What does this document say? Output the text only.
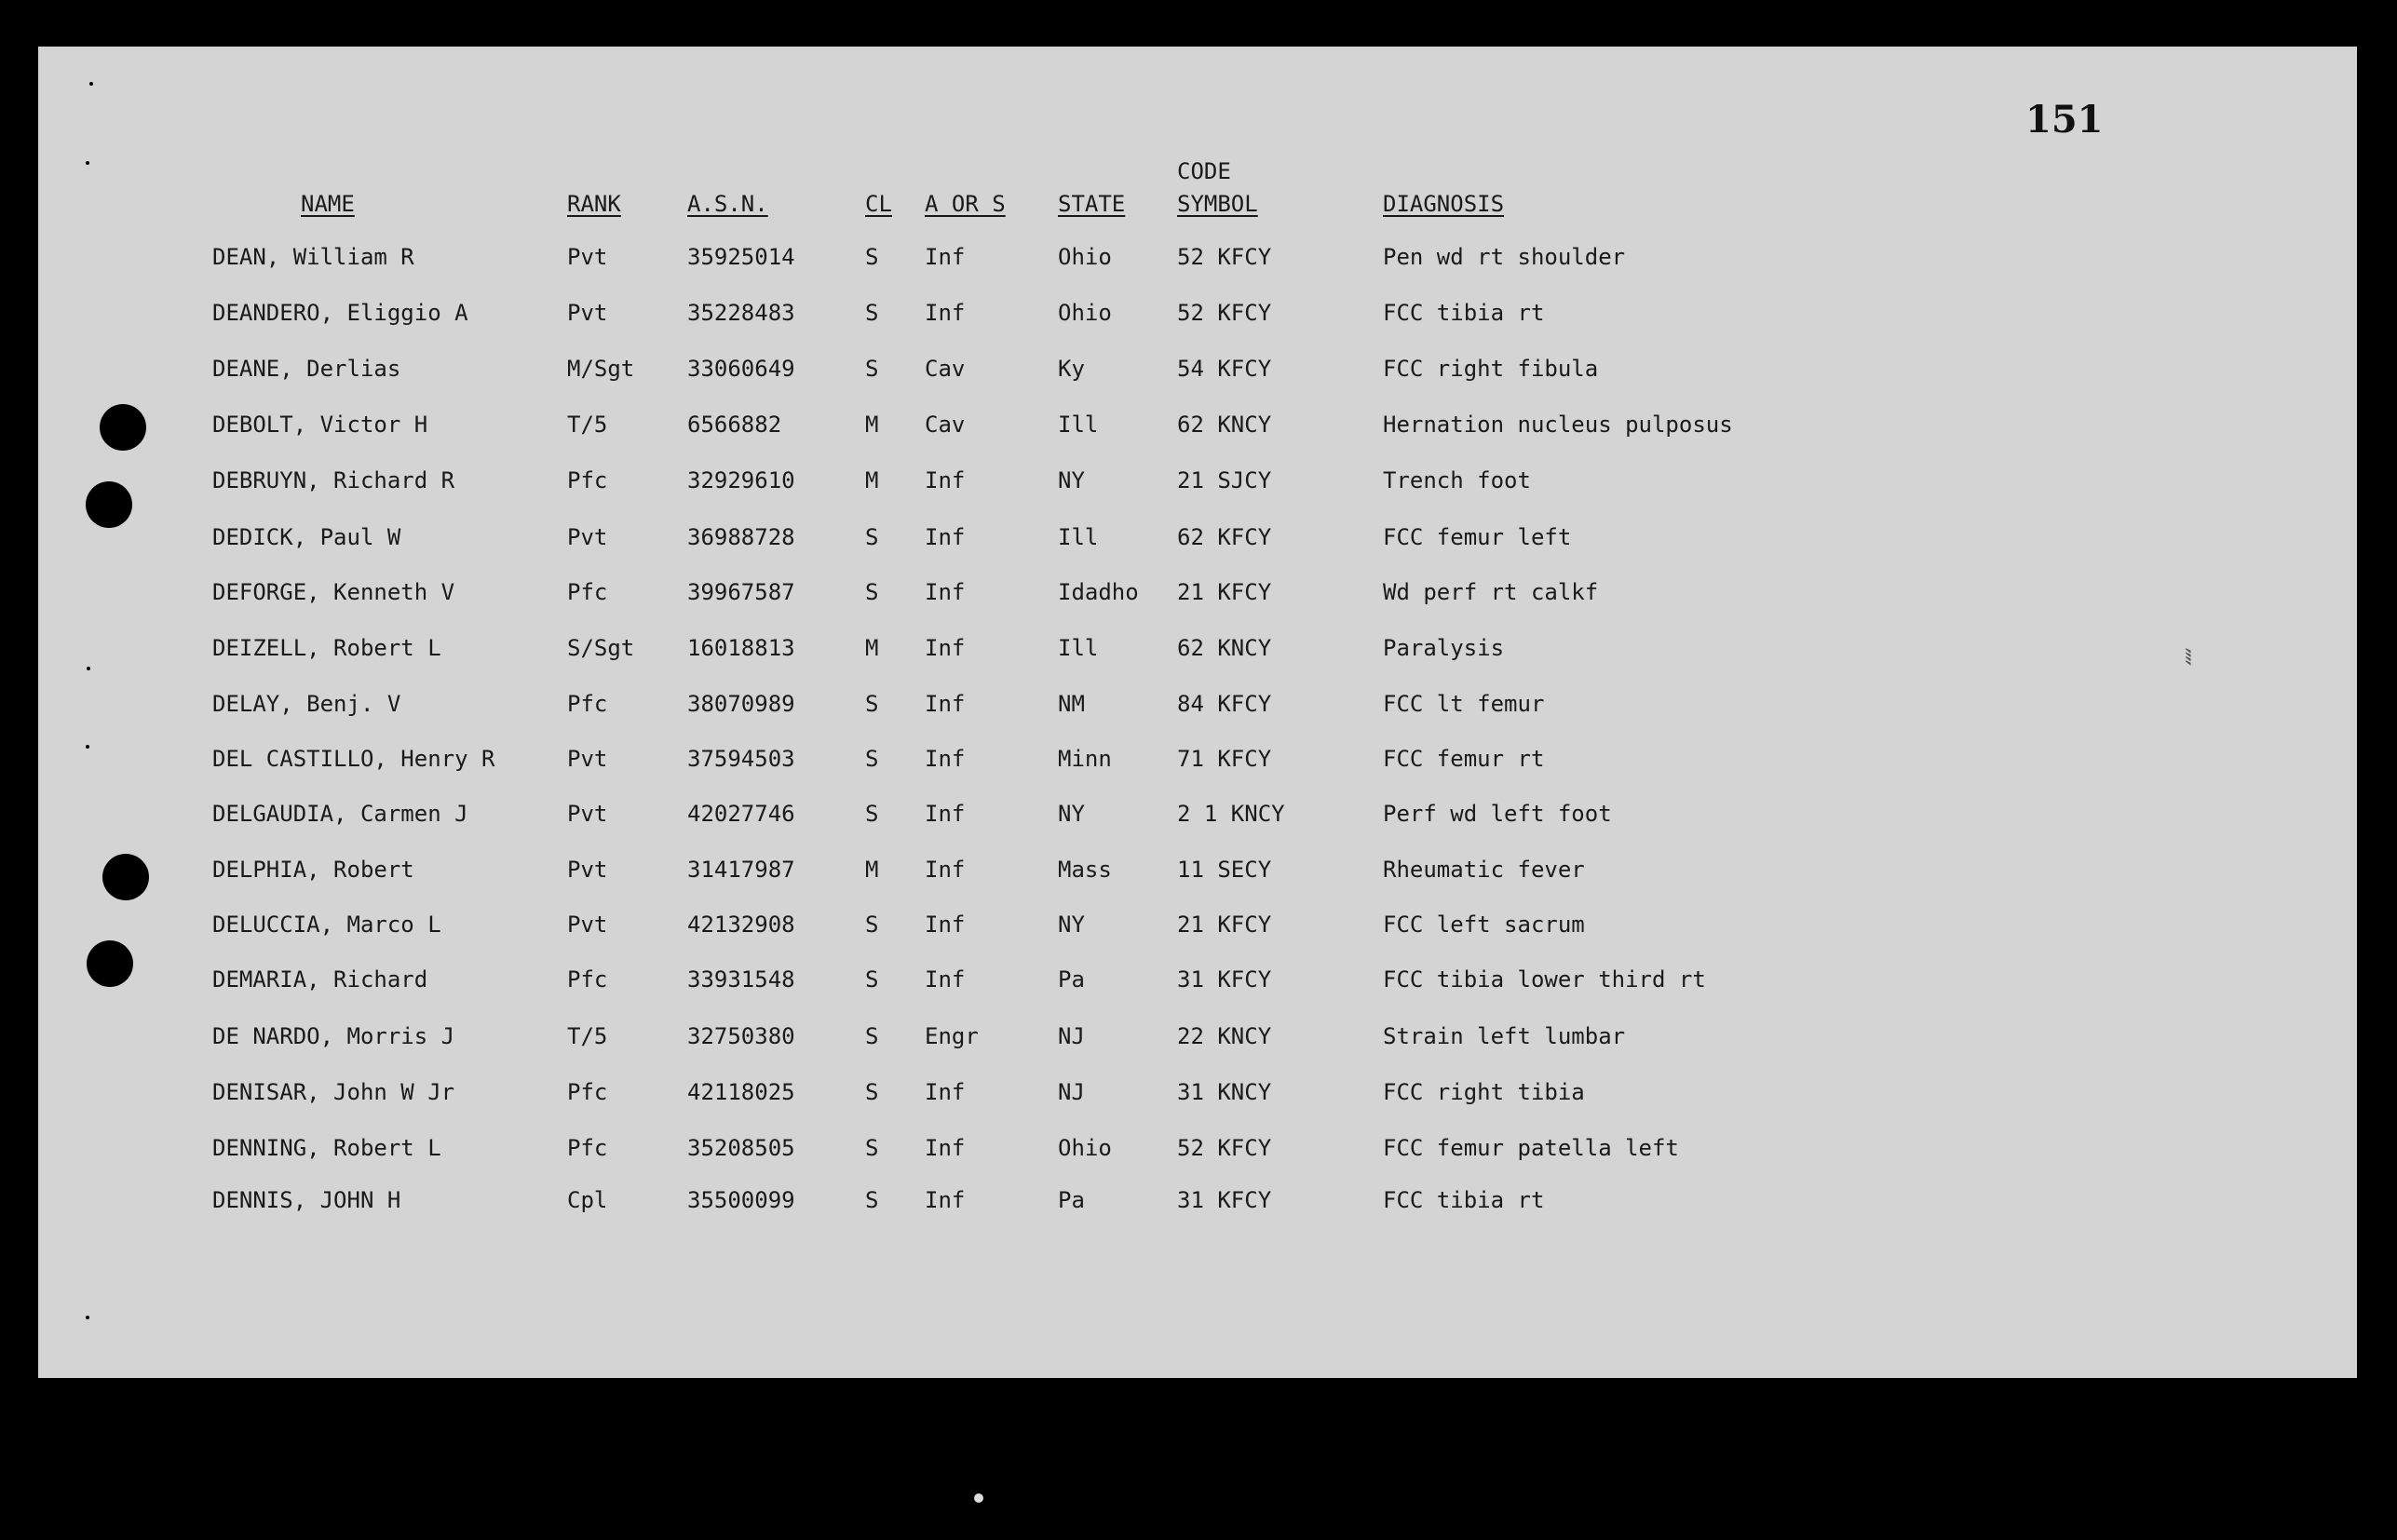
151
NAME	RANK	A.S.N.	CL A OR S STATE
CODE
SYMBOL	DIAGNOSIS
DEAN, William R	Pvt	35925014	S Inf	Ohio	52 KFCY	Pen wd rt shoulder
DEANDERO, Eliggio A	Pvt	35228483	S Inf	Ohio	52 KFCY	FCC tibia rt
DEANE, Derlias	M/Sgt 33060649	S Cav	Ky	54 KFCY	FCC right fibula
DEBOLT, Victor H	T/5	6566882	M Cav	Ill	62 KNCY	Hernation nucleus pulposus
DEBRUYN, Richard R	Pfc	32929610	M Inf	NY	21 SJCY	Trench foot
DEDICK, Paul W	Pvt	36988728	S Inf	Ill	62 KFCY	FCC femur left
DEFORGE, Kenneth V	Pfc	39967587	S Inf	Idadho 21 KFCY	Wd perf rt calkf
DEIZELL, Robert L	S/Sgt 16018813	M Inf	Ill	62 KNCY	Paralysis
DELAY, Benj. V	Pfc	38070989	S Inf	NM	84 KFCY	FCC lt femur
DEL CASTILLO, Henry R	Pvt	37594503	S Inf	Minn	71 KFCY	FCC femur rt
DELGAUDIA, Carmen J	Pvt	42027746	S Inf	NY	2 1 KNCY	Perf wd left foot
DELPHIA, Robert	Pvt	31417987	M Inf	Mass	11 SECY	Rheumatic fever
DELUCCIA, Marco L	Pvt	42132908	S Inf	NY	21 KFCY	FCC left sacrum
DEMARIA, Richard	Pfc	33931548	S Inf	Pa	31 KFCY	FCC tibia lower third rt
DE NARDO, Morris J	T/5	32750380	S Engr	NJ	22 KNCY	Strain left lumbar
DENISAR, John W Jr	Pfc	42118025	S Inf	NJ	31 KNCY	FCC right tibia
DENNING, Robert L	Pfc	35208505	S Inf	Ohio	52 KFCY	FCC femur patella left
DENNIS, JOHN H	Cpl	35500099	S Inf	Pa	31 KFCY	FCC tibia rt
⁗
